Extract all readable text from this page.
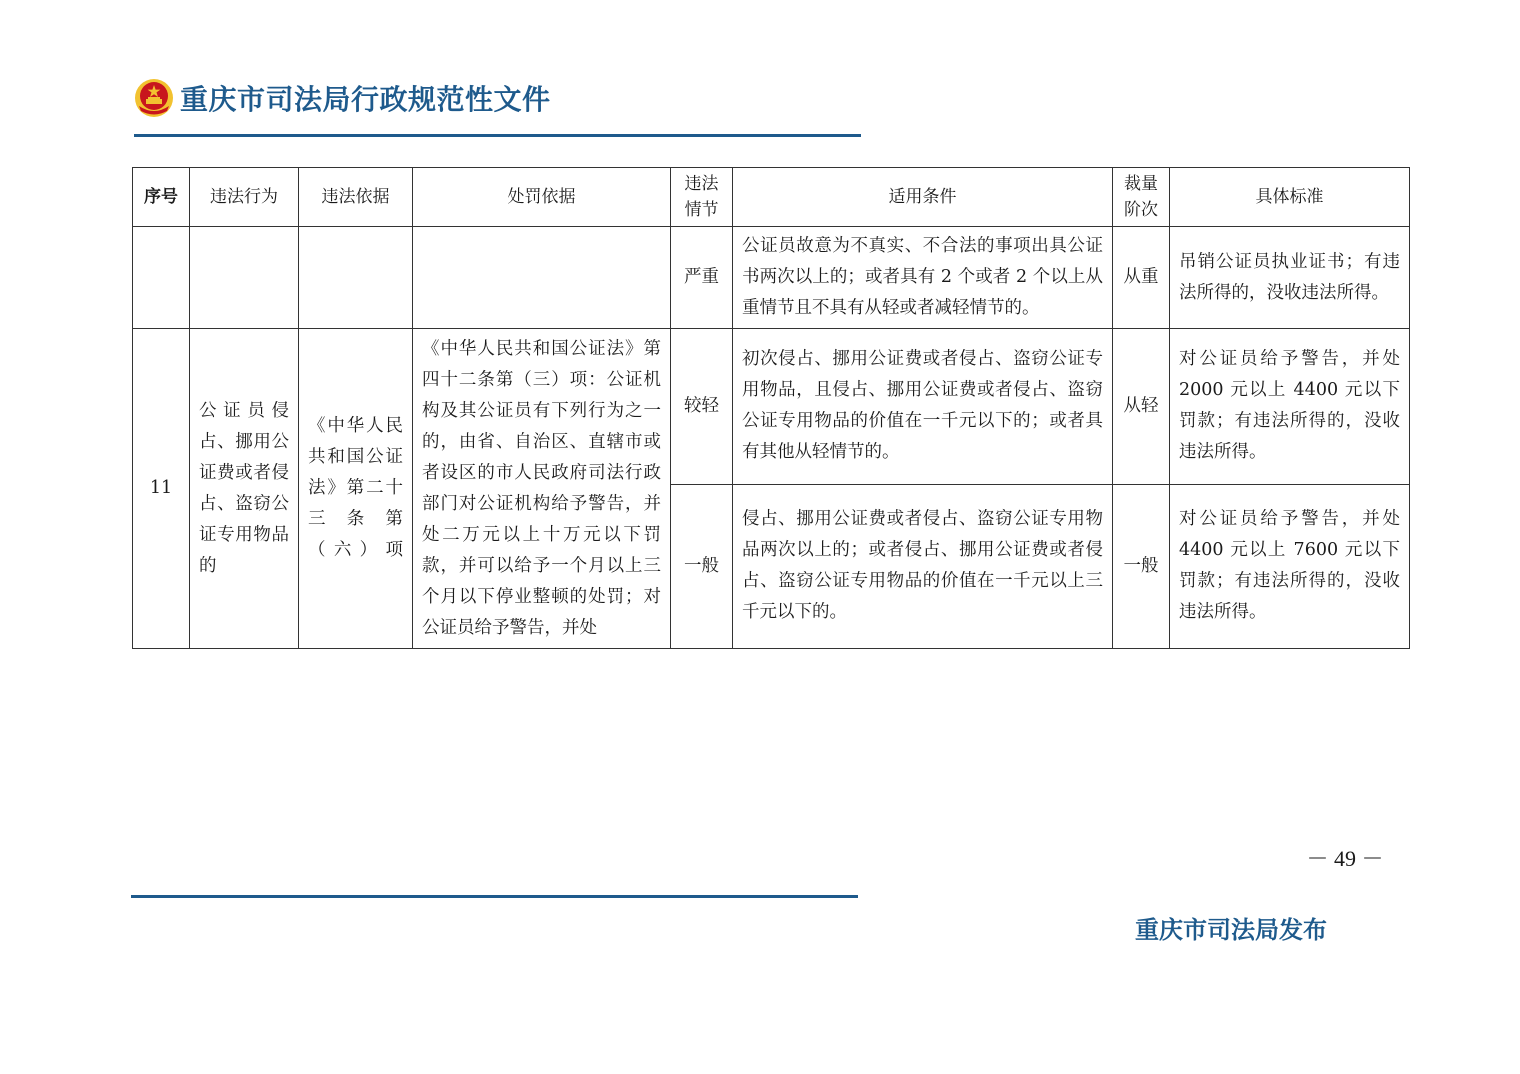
重庆市司法局行政规范性文件
序号	违法行为	违法依据	处罚依据	违法情节	适用条件	裁量阶次	具体标准
				严重	公证员故意为不真实、不合法的事项出具公证书两次以上的；或者具有 2 个或者 2 个以上从重情节且不具有从轻或者减轻情节的。	从重	吊销公证员执业证书；有违法所得的，没收违法所得。
11	公证员侵占、挪用公证费或者侵占、盗窃公证专用物品的	《中华人民共和国公证法》第二十三条第（六）项	《中华人民共和国公证法》第四十二条第（三）项：公证机构及其公证员有下列行为之一的，由省、自治区、直辖市或者设区的市人民政府司法行政部门对公证机构给予警告，并处二万元以上十万元以下罚款，并可以给予一个月以上三个月以下停业整顿的处罚；对公证员给予警告，并处	较轻	初次侵占、挪用公证费或者侵占、盗窃公证专用物品，且侵占、挪用公证费或者侵占、盗窃公证专用物品的价值在一千元以下的；或者具有其他从轻情节的。	从轻	对公证员给予警告，并处 2000 元以上 4400 元以下罚款；有违法所得的，没收违法所得。
				一般	侵占、挪用公证费或者侵占、盗窃公证专用物品两次以上的；或者侵占、挪用公证费或者侵占、盗窃公证专用物品的价值在一千元以上三千元以下的。	一般	对公证员给予警告，并处 4400 元以上 7600 元以下罚款；有违法所得的，没收违法所得。
－ 49 －
重庆市司法局发布
